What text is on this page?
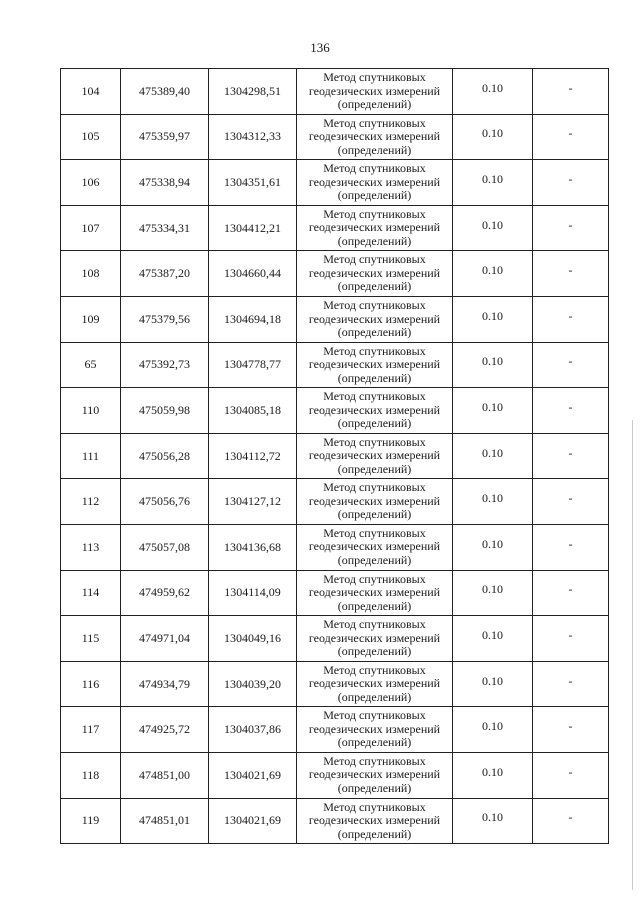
136
104	475389,40	1304298,51	Метод спутниковых
геодезических измерений
(определений)	0.10	-
105	475359,97	1304312,33	Метод спутниковых
геодезических измерений
(определений)	0.10	-
106	475338,94	1304351,61	Метод спутниковых
геодезических измерений
(определений)	0.10	-
107	475334,31	1304412,21	Метод спутниковых
геодезических измерений
(определений)	0.10	-
108	475387,20	1304660,44	Метод спутниковых
геодезических измерений
(определений)	0.10	-
109	475379,56	1304694,18	Метод спутниковых
геодезических измерений
(определений)	0.10	-
65	475392,73	1304778,77	Метод спутниковых
геодезических измерений
(определений)	0.10	-
110	475059,98	1304085,18	Метод спутниковых
геодезических измерений
(определений)	0.10	-
111	475056,28	1304112,72	Метод спутниковых
геодезических измерений
(определений)	0.10	-
112	475056,76	1304127,12	Метод спутниковых
геодезических измерений
(определений)	0.10	-
113	475057,08	1304136,68	Метод спутниковых
геодезических измерений
(определений)	0.10	-
114	474959,62	1304114,09	Метод спутниковых
геодезических измерений
(определений)	0.10	-
115	474971,04	1304049,16	Метод спутниковых
геодезических измерений
(определений)	0.10	-
116	474934,79	1304039,20	Метод спутниковых
геодезических измерений
(определений)	0.10	-
117	474925,72	1304037,86	Метод спутниковых
геодезических измерений
(определений)	0.10	-
118	474851,00	1304021,69	Метод спутниковых
геодезических измерений
(определений)	0.10	-
119	474851,01	1304021,69	Метод спутниковых
геодезических измерений
(определений)	0.10	-
